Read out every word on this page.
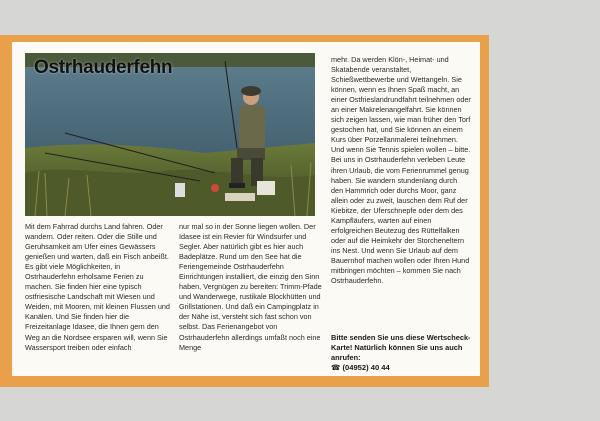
Ostrhauderfehn

Mit dem Fahrrad durchs Land fahren. Oder wandern. Oder reiten. Oder die Stille und Geruhsamkeit am Ufer eines Gewässers genießen und warten, daß ein Fisch anbeißt. Es gibt viele Möglichkeiten, in Ostrhauderfehn erholsame Ferien zu machen. Sie finden hier eine typisch ostfriesische Landschaft mit Wiesen und Weiden, mit Mooren, mit kleinen Flussen und Kanälen. Und Sie finden hier die Freizeitanlage Idasee, die Ihnen gern den Weg an die Nordsee ersparen will, wenn Sie Wassersport treiben oder einfach

nur mal so in der Sonne liegen wollen. Der Idasee ist ein Revier für Windsurfer und Segler. Aber natürlich gibt es hier auch Badeplätze. Rund um den See hat die Feriengemeinde Ostrhauderfehn Einrichtungen installiert, die einzig den Sinn haben, Vergnügen zu bereiten: Trimm-Pfade und Wanderwege, rustikale Blockhütten und Grillstationen. Und daß ein Campingplatz in der Nähe ist, versteht sich fast schon von selbst. Das Ferienangebot von Ostrhauderfehn allerdings umfaßt noch eine Menge

mehr. Da werden Klön-, Heimat- und Skatabende veranstaltet, Schießwettbewerbe und Wettangeln. Sie können, wenn es Ihnen Spaß macht, an einer Ostfrieslandrundfahrt teilnehmen oder an einer Makrelenangelfahrt. Sie können sich zeigen lassen, wie man früher den Torf gestochen hat, und Sie können an einem Kurs über Porzellanmalerei teilnehmen. Und wenn Sie Tennis spielen wollen – bitte. Bei uns in Ostrhauderfehn verleben Leute ihren Urlaub, die vom Ferienrummel genug haben. Sie wandern stundenlang durch den Hammrich oder durchs Moor, ganz allein oder zu zweit, lauschen dem Ruf der Kiebitze, der Uferschnepfe oder dem des Kampfläufers, warten auf einen erfolgreichen Beutezug des Rüttelfalken oder auf die Heimkehr der Storcheneltern ins Nest. Und wenn Sie Urlaub auf dem Bauernhof machen wollen oder Ihren Hund mitbringen möchten – kommen Sie nach Ostrhauderfehn.

Bitte senden Sie uns diese Wertscheck-Karte! Natürlich können Sie uns auch anrufen:

☎ (04952) 40 44
